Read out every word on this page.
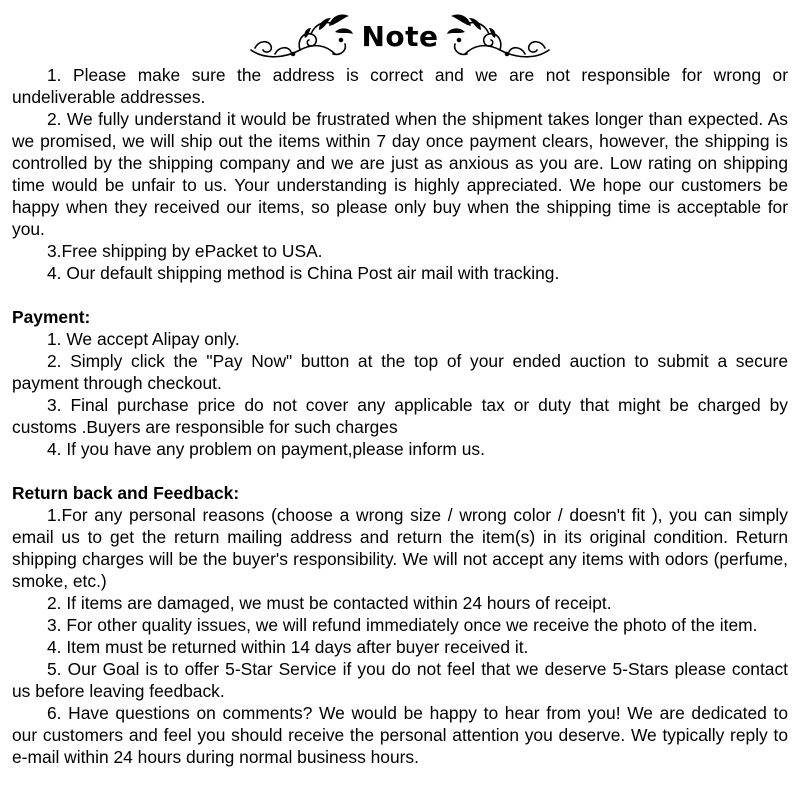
Note

1. Please make sure the address is correct and we are not responsible for wrong or undeliverable addresses.

2. We fully understand it would be frustrated when the shipment takes longer than expected. As we promised, we will ship out the items within 7 day once payment clears, however, the shipping is controlled by the shipping company and we are just as anxious as you are. Low rating on shipping time would be unfair to us. Your understanding is highly appreciated. We hope our customers be happy when they received our items, so please only buy when the shipping time is acceptable for you.

3.Free shipping by ePacket to USA.

4. Our default shipping method is China Post air mail with tracking.

Payment:

1. We accept Alipay only.

2. Simply click the "Pay Now" button at the top of your ended auction to submit a secure payment through checkout.

3. Final purchase price do not cover any applicable tax or duty that might be charged by customs .Buyers are responsible for such charges

4. If you have any problem on payment,please inform us.

Return back and Feedback:

1.For any personal reasons (choose a wrong size / wrong color / doesn't fit ), you can simply email us to get the return mailing address and return the item(s) in its original condition. Return shipping charges will be the buyer's responsibility. We will not accept any items with odors (perfume, smoke, etc.)

2. If items are damaged, we must be contacted within 24 hours of receipt.

3. For other quality issues, we will refund immediately once we receive the photo of the item.

4. Item must be returned within 14 days after buyer received it.

5. Our Goal is to offer 5-Star Service if you do not feel that we deserve 5-Stars please contact us before leaving feedback.

6. Have questions on comments? We would be happy to hear from you! We are dedicated to our customers and feel you should receive the personal attention you deserve. We typically reply to e-mail within 24 hours during normal business hours.
